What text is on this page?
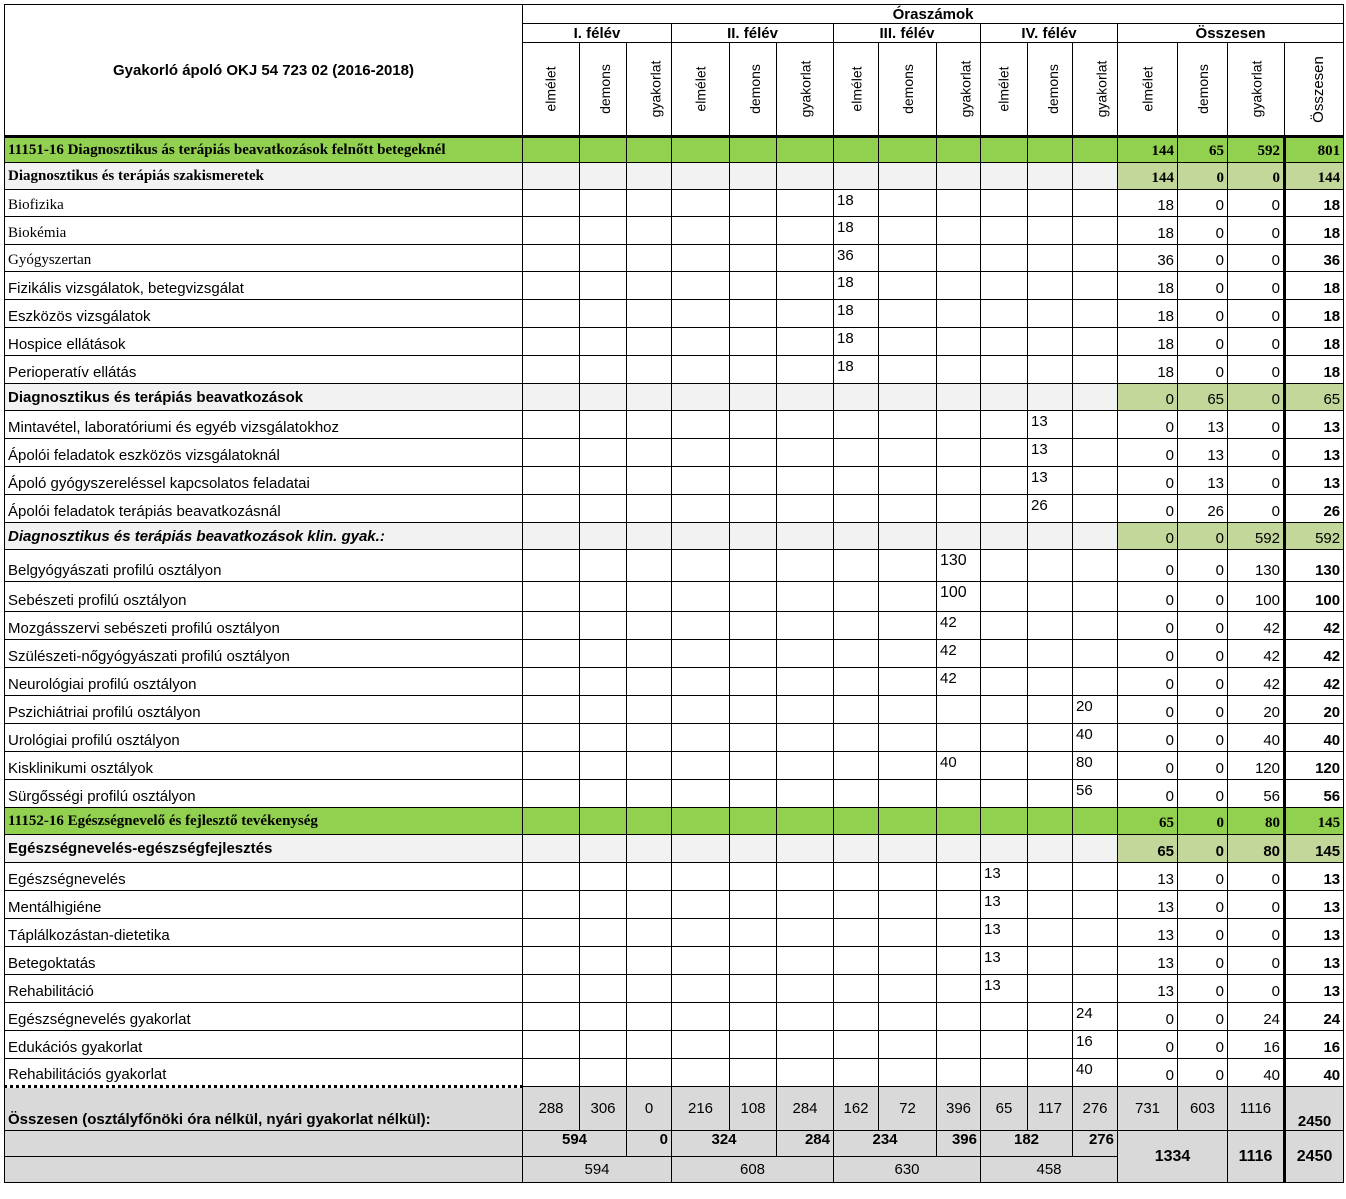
Gyakorló ápoló OKJ 54 723 02 (2016-2018)	Óraszámok															
	I. félév			II. félév			III. félév			IV. félév			Összesen			
	elmélet	demons	gyakorlat	elmélet	demons	gyakorlat	elmélet	demons	gyakorlat	elmélet	demons	gyakorlat	elmélet	demons	gyakorlat	Összesen
11151-16 Diagnosztikus ás terápiás beavatkozások felnőtt betegeknél													144	65	592	801
Diagnosztikus és terápiás szakismeretek													144	0	0	144
Biofizika							18						18	0	0	18
Biokémia							18						18	0	0	18
Gyógyszertan							36						36	0	0	36
Fizikális vizsgálatok, betegvizsgálat							18						18	0	0	18
Eszközös vizsgálatok							18						18	0	0	18
Hospice ellátások							18						18	0	0	18
Perioperatív ellátás							18						18	0	0	18
Diagnosztikus és terápiás beavatkozások													0	65	0	65
Mintavétel, laboratóriumi és egyéb vizsgálatokhoz											13		0	13	0	13
Ápolói feladatok eszközös vizsgálatoknál											13		0	13	0	13
Ápoló gyógyszereléssel kapcsolatos feladatai											13		0	13	0	13
Ápolói feladatok terápiás beavatkozásnál											26		0	26	0	26
Diagnosztikus és terápiás beavatkozások klin. gyak.:													0	0	592	592
Belgyógyászati profilú osztályon									130				0	0	130	130
Sebészeti profilú osztályon									100				0	0	100	100
Mozgásszervi sebészeti profilú osztályon									42				0	0	42	42
Szülészeti-nőgyógyászati profilú osztályon									42				0	0	42	42
Neurológiai profilú osztályon									42				0	0	42	42
Pszichiátriai profilú osztályon												20	0	0	20	20
Urológiai profilú osztályon												40	0	0	40	40
Kisklinikumi osztályok									40			80	0	0	120	120
Sürgősségi profilú osztályon												56	0	0	56	56
11152-16 Egészségnevelő és fejlesztő tevékenység													65	0	80	145
Egészségnevelés-egészségfejlesztés													65	0	80	145
Egészségnevelés										13			13	0	0	13
Mentálhigiéne										13			13	0	0	13
Táplálkozástan-dietetika										13			13	0	0	13
Betegoktatás										13			13	0	0	13
Rehabilitáció										13			13	0	0	13
Egészségnevelés gyakorlat												24	0	0	24	24
Edukációs gyakorlat												16	0	0	16	16
Rehabilitációs gyakorlat												40	0	0	40	40
Összesen (osztályfőnöki óra nélkül, nyári gyakorlat nélkül):	288	306	0	216	108	284	162	72	396	65	117	276	731	603	1116	2450
	594		0	324		284	234		396	182		276	1334		1116	2450
	594			608			630			458						
